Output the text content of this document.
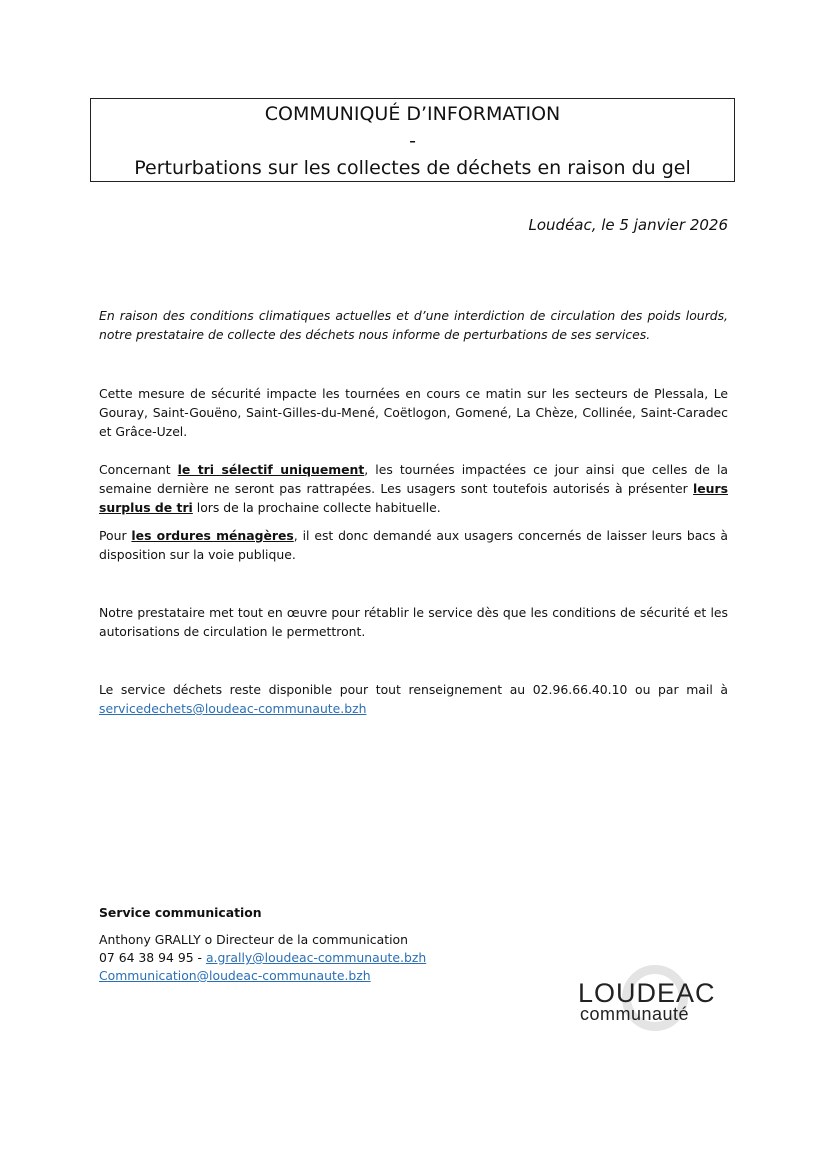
COMMUNIQUÉ D’INFORMATION

-

Perturbations sur les collectes de déchets en raison du gel

Loudéac, le 5 janvier 2026

En raison des conditions climatiques actuelles et d’une interdiction de circulation des poids lourds, notre prestataire de collecte des déchets nous informe de perturbations de ses services.

Cette mesure de sécurité impacte les tournées en cours ce matin sur les secteurs de Plessala, Le Gouray, Saint-Gouëno, Saint-Gilles-du-Mené, Coëtlogon, Gomené, La Chèze, Collinée, Saint-Caradec et Grâce-Uzel.

Concernant le tri sélectif uniquement, les tournées impactées ce jour ainsi que celles de la semaine dernière ne seront pas rattrapées. Les usagers sont toutefois autorisés à présenter leurs surplus de tri lors de la prochaine collecte habituelle.

Pour les ordures ménagères, il est donc demandé aux usagers concernés de laisser leurs bacs à disposition sur la voie publique.

Notre prestataire met tout en œuvre pour rétablir le service dès que les conditions de sécurité et les autorisations de circulation le permettront.

Le service déchets reste disponible pour tout renseignement au 02.96.66.40.10 ou par mail à servicedechets@loudeac-communaute.bzh

Service communication

Anthony GRALLY o Directeur de la communication

07 64 38 94 95 - a.grally@loudeac-communaute.bzh

Communication@loudeac-communaute.bzh

LOUDEAC
communauté
